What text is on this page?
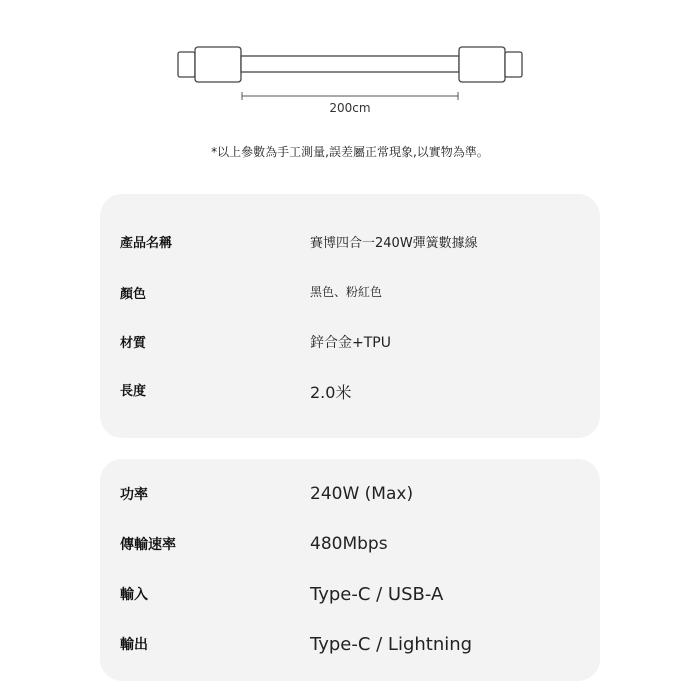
200cm
*以上參數為手工測量,誤差屬正常現象,以實物為準。
產品名稱	賽博四合一240W彈簧數據線
顏色	黑色、粉紅色
材質	鋅合金+TPU
長度	2.0米
功率	240W (Max)
傳輸速率	480Mbps
輸入	Type-C / USB-A
輸出	Type-C / Lightning
